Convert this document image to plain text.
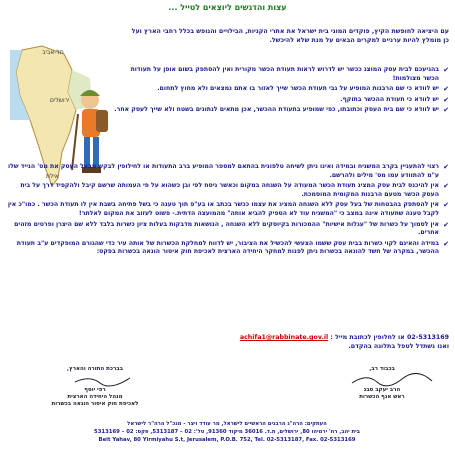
עצות והדגשים ליוצאים לטייל ...
תל-אביב
ירושלים
אילת
עם היציאה לחופשת הקיץ, פוקדים המוני בית ישראל את אתרי הקניות, הבילויים והנופש בכלל רחבי הארץ ועל כן מומלץ להיות ערניים למקרים הבאים על מנת שלא להיכשל.
✔
בהגיעכם לבית עסק המוצג ככשר יש לדרוש לראות תעודת הכשר מקורית ואין להסתפק בשום אופן על תעודות הכשר מצולמות!
✔
יש לוודא כי שם הרבנות המופיע על גבי תעודת הכשר שייך לאזור בו אתם נמצאים ולא מחוץ לתחום.
✔
יש לוודא כי תעודת ההכשר בתוקף.
✔
יש לוודא כי שם בית העסק וכתובתו, כפי שמופיע בתעודת ההכשר, אכן מתאים לנתונים בשטח ולא שייך לעסק אחר.
✔
רצוי להתעניין בקרב המשגיח ובמידה ואינו ניתן לשיחה טלפונית בהתאם למספר המופיע ברב התעודות או לחילופין לבקש מבעל העסק את מס' הנייד שלו ע"מ להתוודע עמו מס' מילים ולהרשם.
✔
אין להיכנס לבית עסק המציג תעודת הכשר המעודה על השגחה במקום וכאשר ניסח לפי ובן כשהוא על פי העמותה שרשם קיבל ולהקפיד דרך על בית העסק הכשר מטעם הרבנות המקומית המוסמכת.
✔
אין להסתפק בהבטחות של בעל עסק ללא השגחה המציג את עצמו ככשר בכתב או בע"פ תוך טענה כי בשל פתיחה בשבת אין לו תעודת הכשר . כמו"כ אין לקבל טענה שתעודה אינה במצב כי "המשגיח עוד לא הספיק להביא אותה" מהמועצה הדתית.- פשוט לעזוב את המקום לאלתר!
✔
אין לסמוך על כשרות של "עגלות אישיות" ההמכורות בקיוסקים ללא השגחה , הנושאות מדבקות בעלות ציון כשרות בלבד ללא שם היצרן ופרטים מזהים אחרים.
✔
במידה והאינם לקוי כשרות בבית עסק ששמו הצעשי להכשיל את הציבור, יש לדווח למחלקת הכשרות של אותה עיר כדי שהגורם המופקדים ע"ב תעודת ההכשר, במקרה של חשד להונאה בכשרות ניתן לפנות למחקר היחידה הארצית לאכיפת חוק איסור הונאה בכשרות בפקס:
02-5313169 או לחלופין לכתובת מייל : achifa1@rabbinate.gov.il
ואנו נשתדל לטפל בתלונה בהקדם.
בכבוד רב,
הרב יעקב סבג
ראש אגף הכשרות
בברכת התורה והארץ,
רפי יוסף
מנהל היחידה הארצית
לאכיפת חוק איסור הונאה בכשרות
העתקים: הרה"ג הרבנים הראשיים לישראל, מר עודד ויצר - מנכ"ל הרה"ר לישראל
בית יהב, רח' ירמיהו 80, ירושלים, ת.ד. 36016 מיקוד 91360, טל': 02 – 5313187, פקס: 02 – 5313169
Beit Yahav, 80 Yirmiyahu S.t, Jerusalem, P.O.B. 752, Tel. 02-5313187, Fax. 02-5313169
